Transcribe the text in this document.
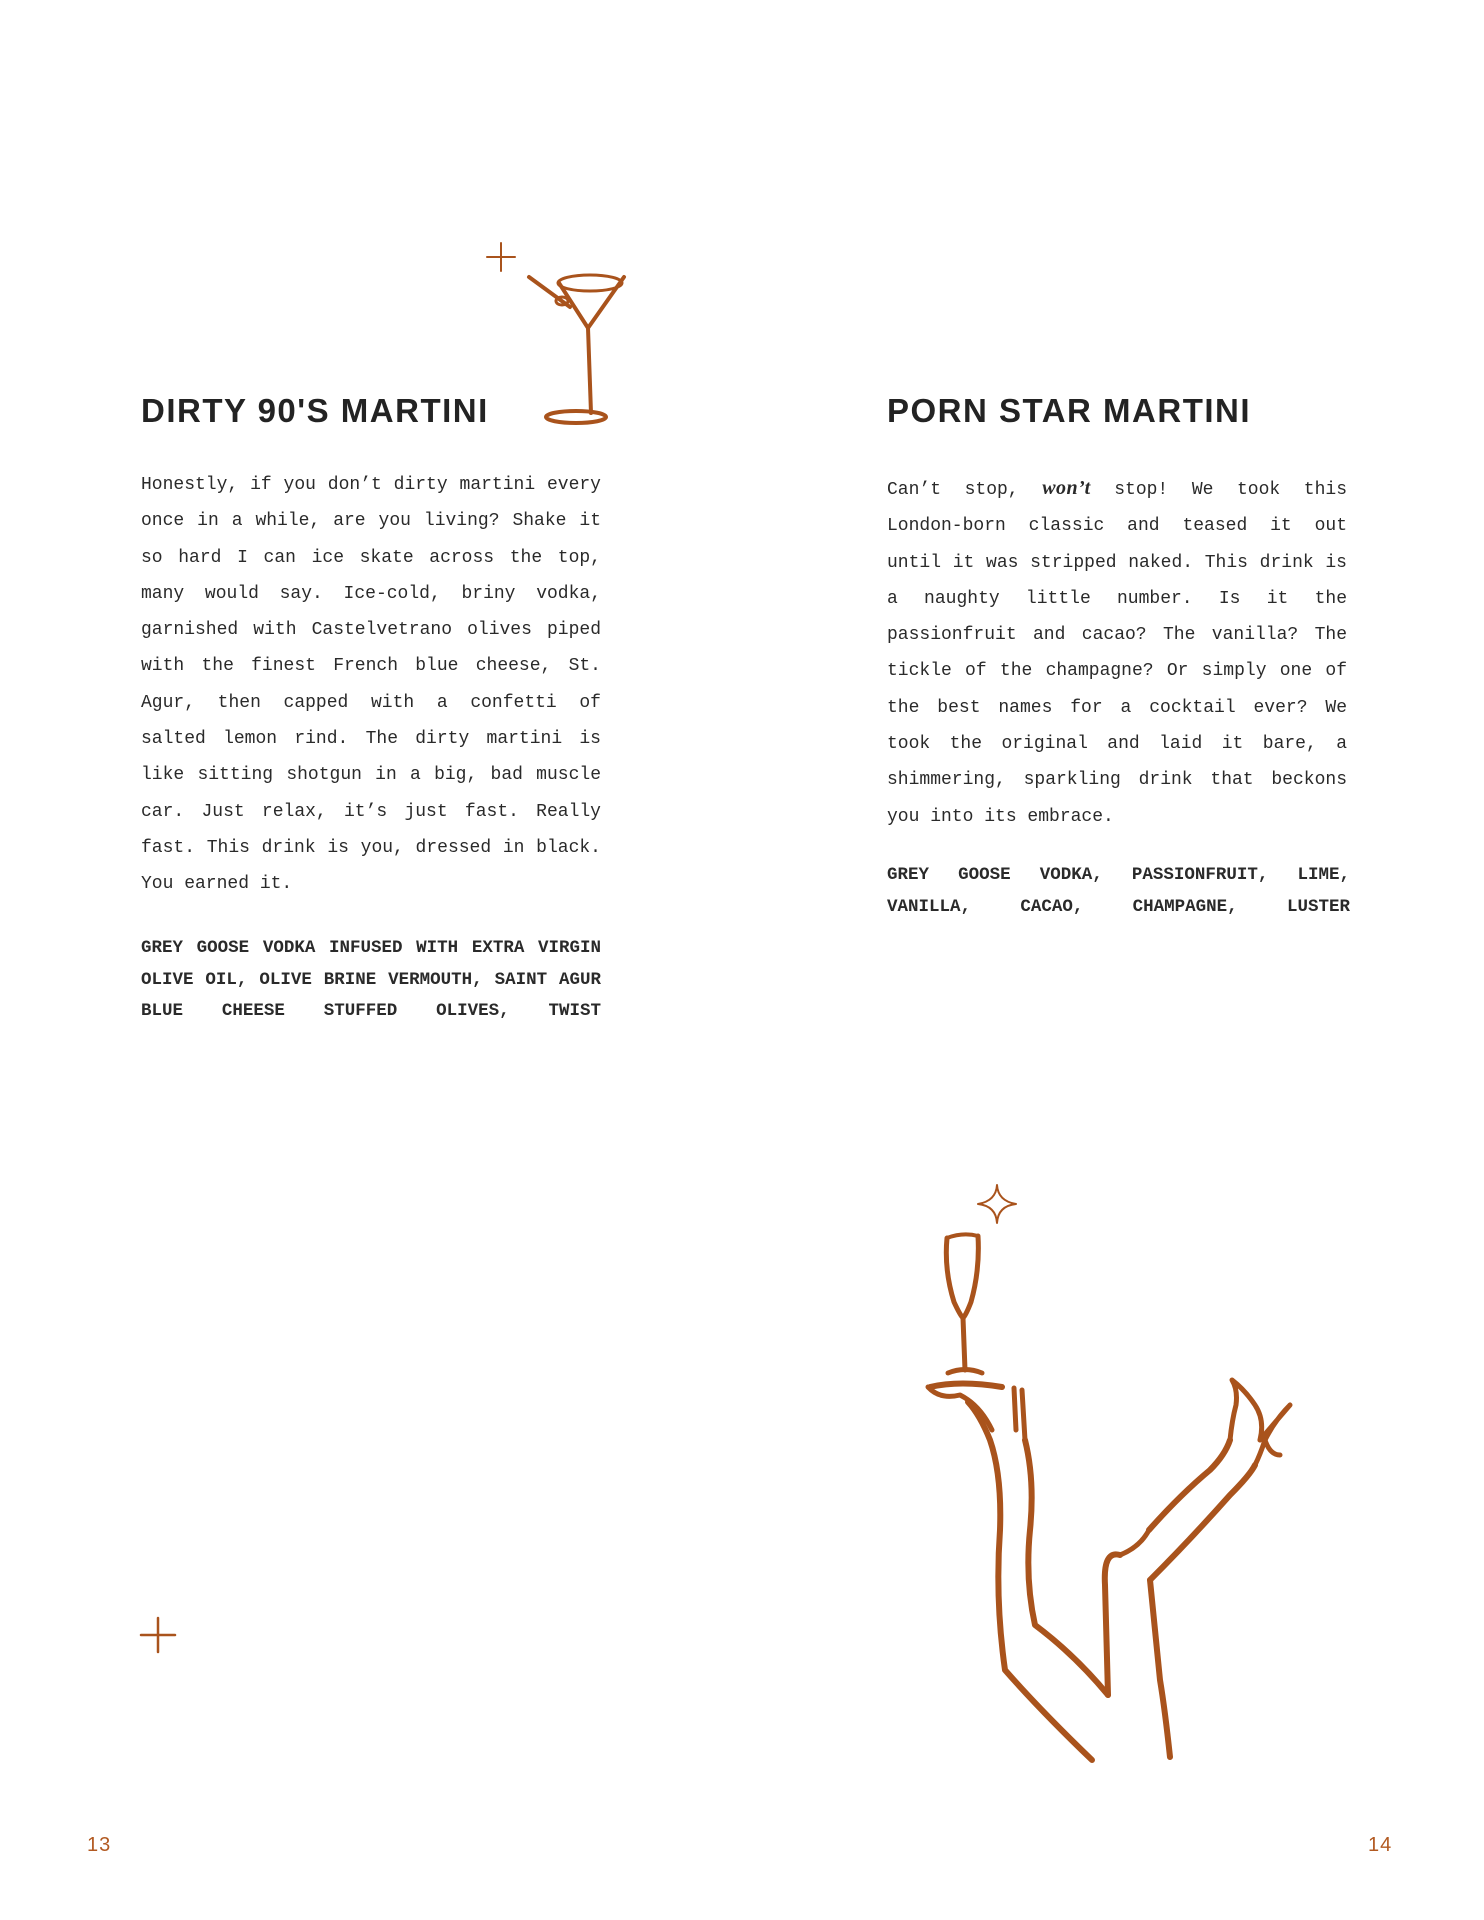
DIRTY 90'S MARTINI

Honestly, if you don’t dirty martini every once in a while, are you living? Shake it so hard I can ice skate across the top, many would say. Ice-cold, briny vodka, garnished with Castelvetrano olives piped with the finest French blue cheese, St. Agur, then capped with a confetti of salted lemon rind. The dirty martini is like sitting shotgun in a big, bad muscle car. Just relax, it’s just fast. Really fast. This drink is you, dressed in black. You earned it.

GREY GOOSE VODKA INFUSED WITH EXTRA VIRGIN OLIVE OIL, OLIVE BRINE VERMOUTH, SAINT AGUR BLUE CHEESE STUFFED OLIVES, TWIST

13
PORN STAR MARTINI

Can’t stop, won’t stop! We took this London-born classic and teased it out until it was stripped naked. This drink is a naughty little number. Is it the passionfruit and cacao? The vanilla? The tickle of the champagne? Or simply one of the best names for a cocktail ever? We took the original and laid it bare, a shimmering, sparkling drink that beckons you into its embrace.

GREY GOOSE VODKA, PASSIONFRUIT, LIME, VANILLA, CACAO, CHAMPAGNE, LUSTER

14
